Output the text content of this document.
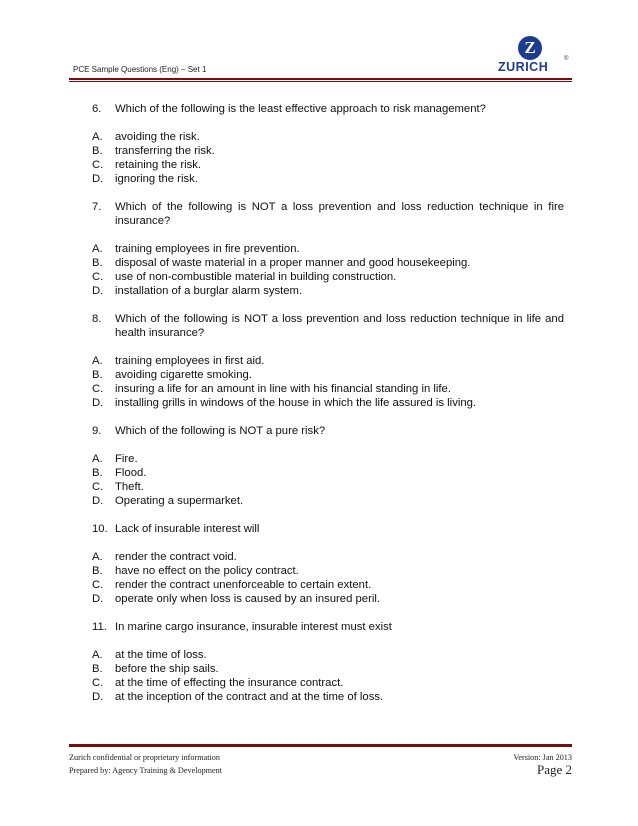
PCE Sample Questions (Eng) – Set 1
Z
ZURICH
®
6.	Which of the following is the least effective approach to risk management?
A.	avoiding the risk.
B.	transferring the risk.
C.	retaining the risk.
D.	ignoring the risk.
7.	Which of the following is NOT a loss prevention and loss reduction technique in fire insurance?
A.	training employees in fire prevention.
B.	disposal of waste material in a proper manner and good housekeeping.
C.	use of non-combustible material in building construction.
D.	installation of a burglar alarm system.
8.	Which of the following is NOT a loss prevention and loss reduction technique in life and health insurance?
A.	training employees in first aid.
B.	avoiding cigarette smoking.
C.	insuring a life for an amount in line with his financial standing in life.
D.	installing grills in windows of the house in which the life assured is living.
9.	Which of the following is NOT a pure risk?
A.	Fire.
B.	Flood.
C.	Theft.
D.	Operating a supermarket.
10. Lack of insurable interest will
A.	render the contract void.
B.	have no effect on the policy contract.
C.	render the contract unenforceable to certain extent.
D.	operate only when loss is caused by an insured peril.
11. In marine cargo insurance, insurable interest must exist
A.	at the time of loss.
B.	before the ship sails.
C.	at the time of effecting the insurance contract.
D.	at the inception of the contract and at the time of loss.
Zurich confidential or proprietary information	Version: Jan 2013
Prepared by: Agency Training & Development	Page 2
